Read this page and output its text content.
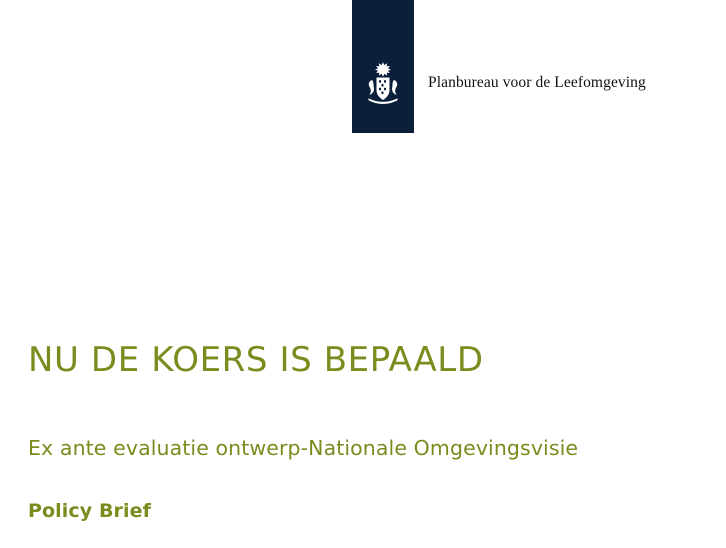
Planbureau voor de Leefomgeving
NU DE KOERS IS BEPAALD
Ex ante evaluatie ontwerp-Nationale Omgevingsvisie
Policy Brief
